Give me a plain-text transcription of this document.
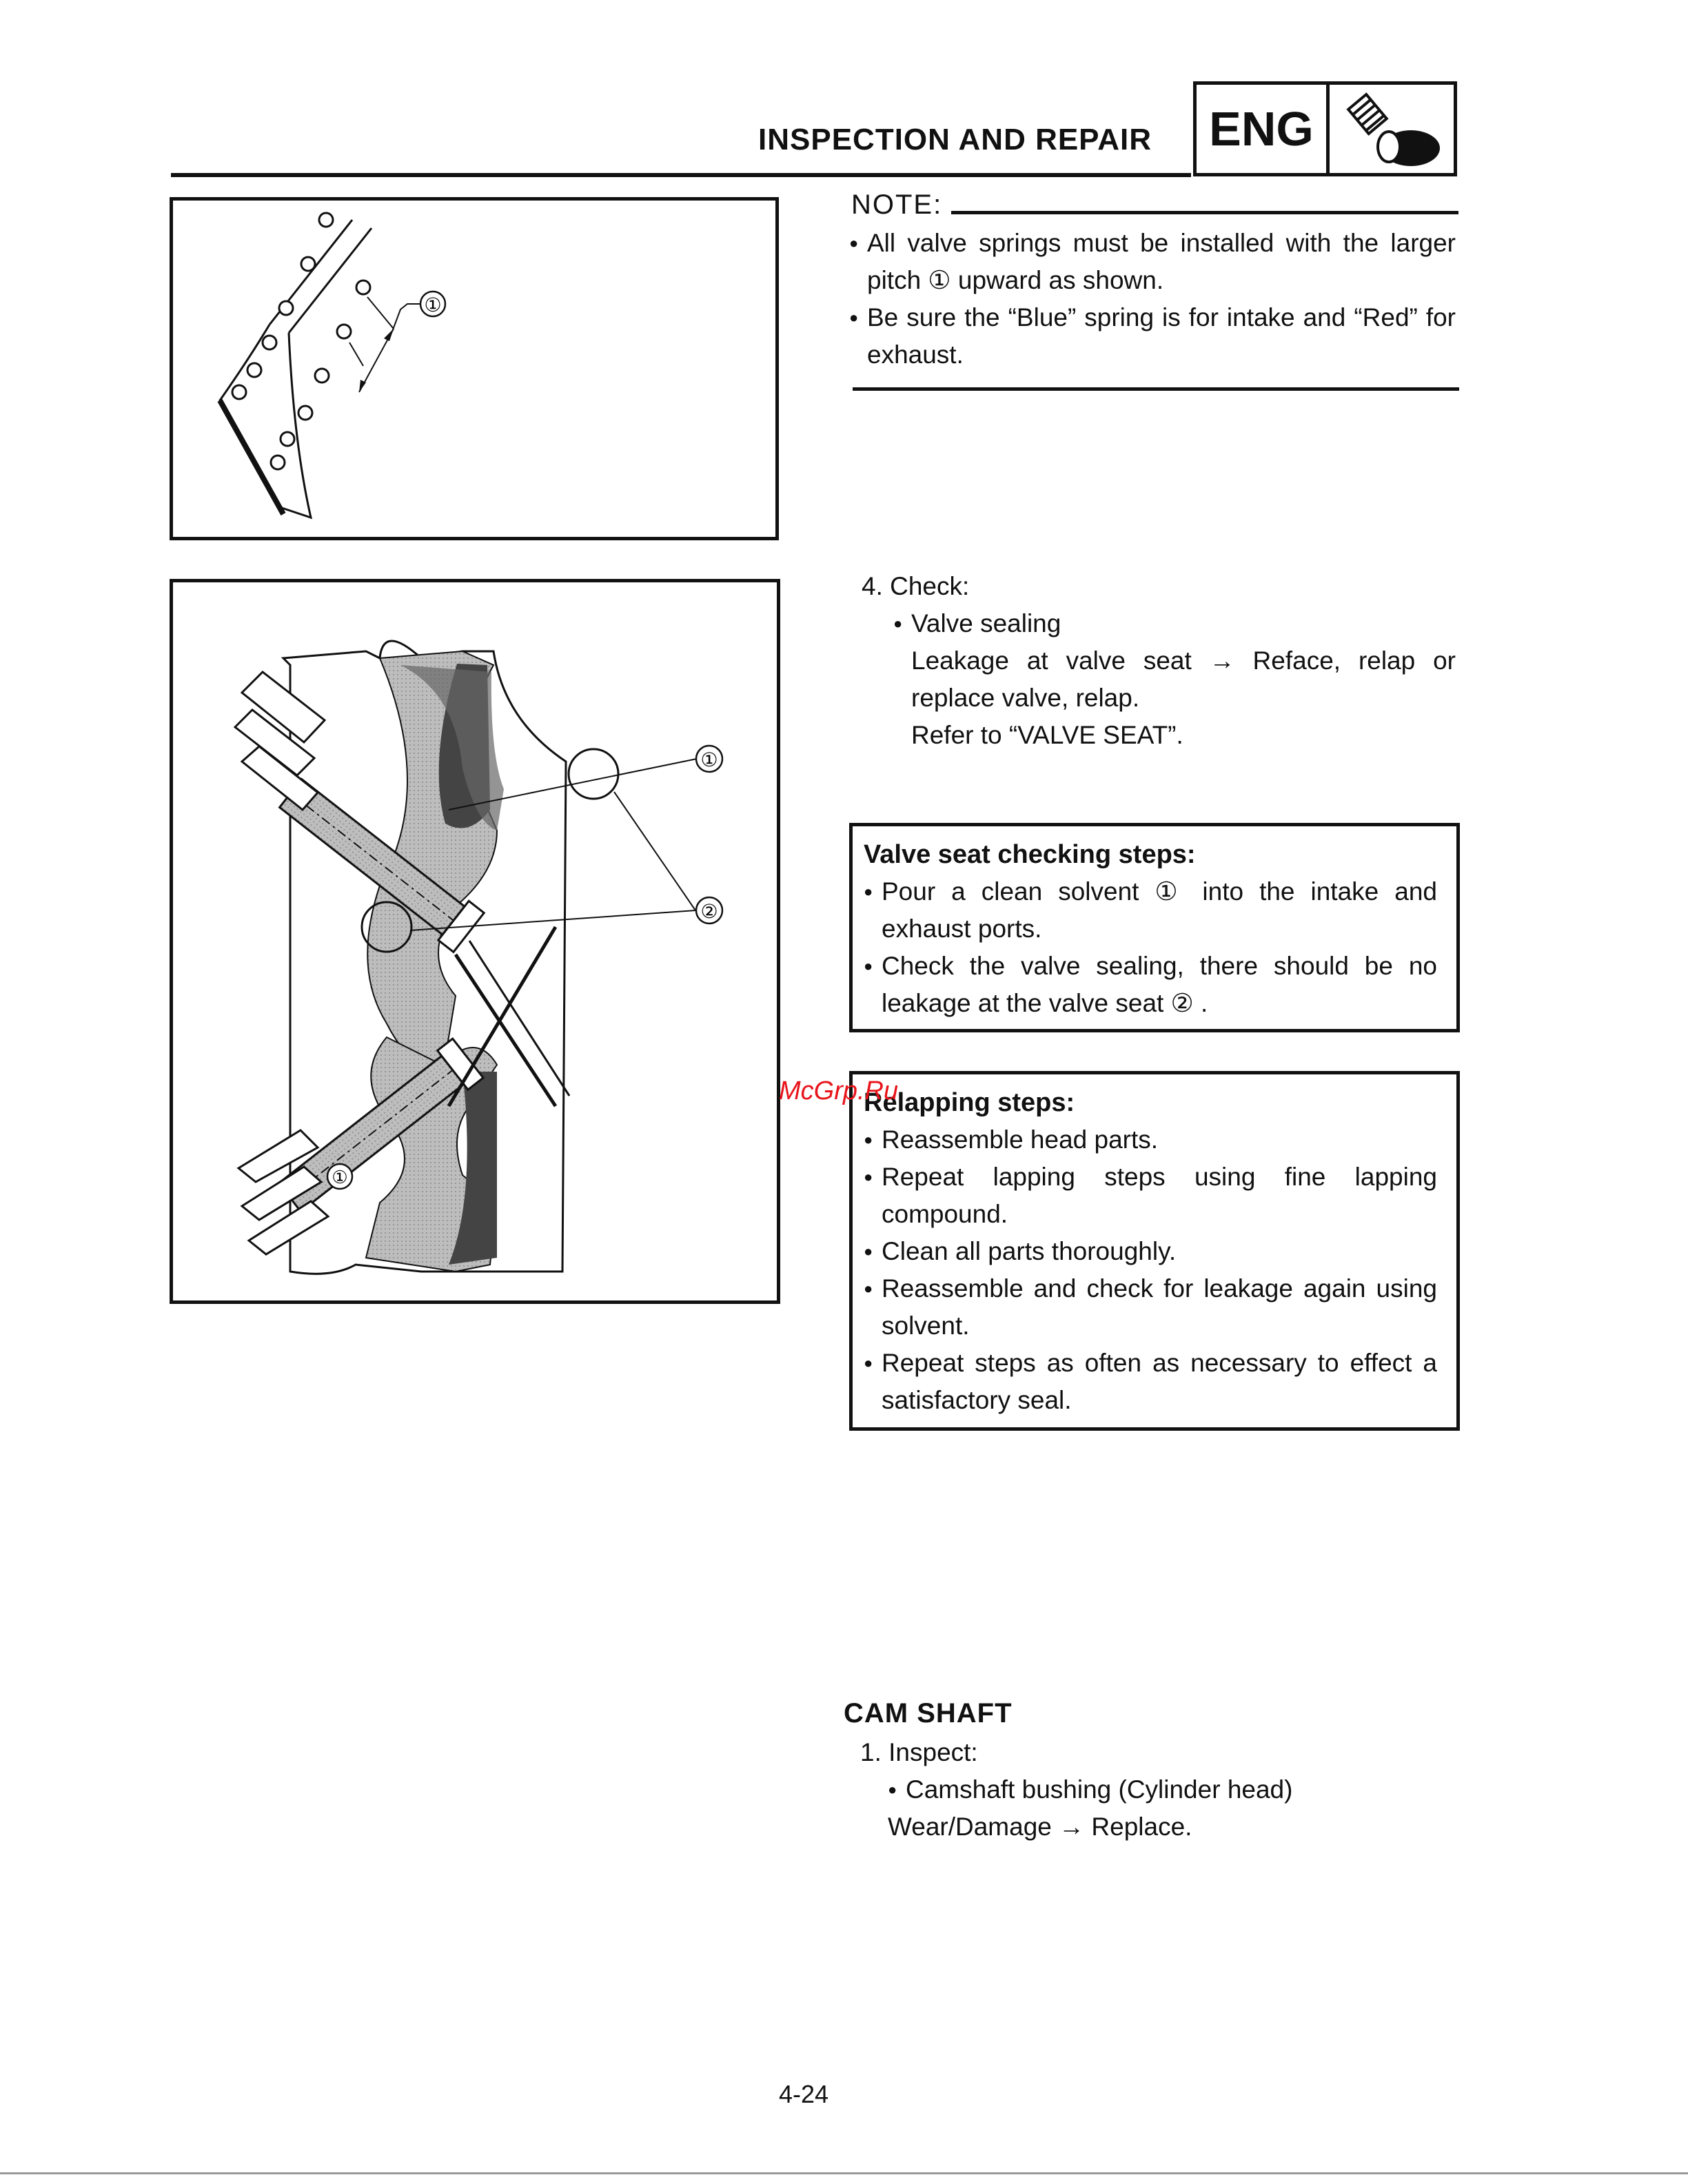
INSPECTION AND REPAIR	ENG
①
NOTE:
● All valve springs must be installed with the larger pitch ① upward as shown.
● Be sure the “Blue” spring is for intake and “Red” for exhaust.
①
②
①
4. Check:
● Valve sealing
Leakage at valve seat → Reface, relap or replace valve, relap.
Refer to “VALVE SEAT”.
Valve seat checking steps:
● Pour a clean solvent ① into the intake and exhaust ports.
● Check the valve sealing, there should be no leakage at the valve seat ② .
Relapping steps:
● Reassemble head parts.
● Repeat lapping steps using fine lapping compound.
● Clean all parts thoroughly.
● Reassemble and check for leakage again using solvent.
● Repeat steps as often as necessary to effect a satisfactory seal.
McGrp.Ru
CAM SHAFT
1. Inspect:
● Camshaft bushing (Cylinder head)
Wear/Damage → Replace.
4-24
